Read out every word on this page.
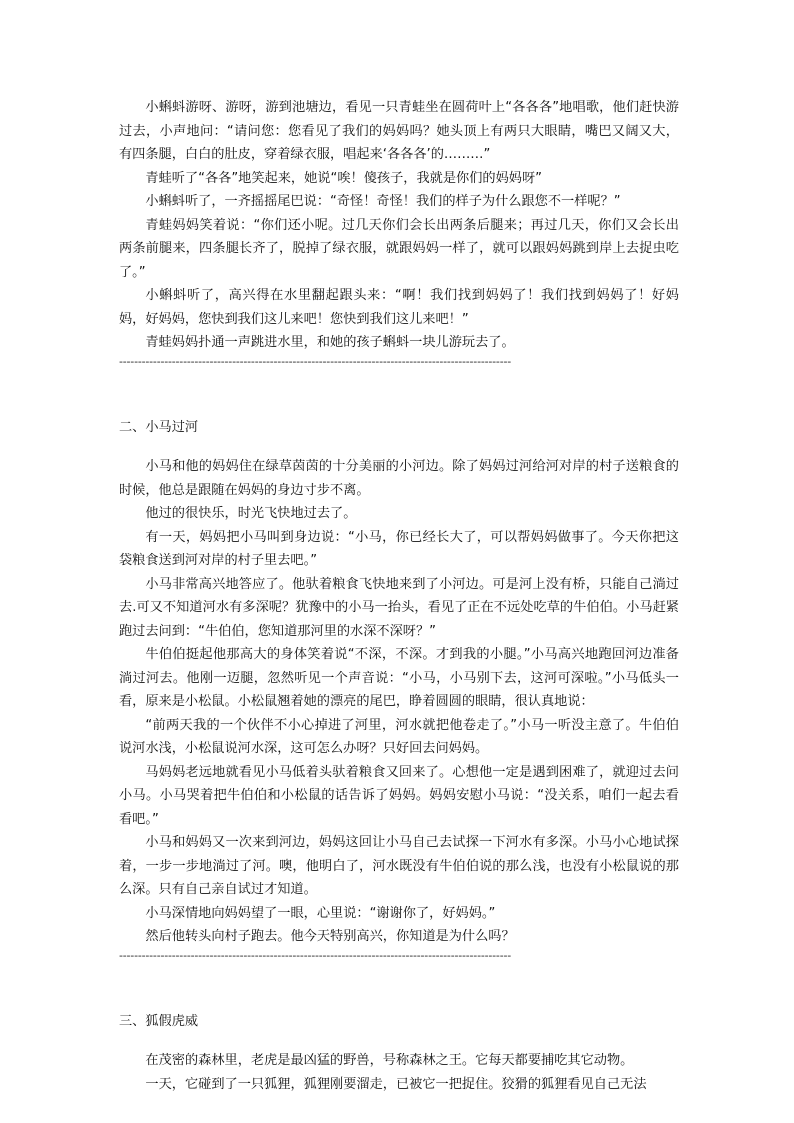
小蝌蚪游呀、游呀，游到池塘边，看见一只青蛙坐在圆荷叶上“各各各”地唱歌，他们赶快游过去，小声地问：“请问您：您看见了我们的妈妈吗？她头顶上有两只大眼睛，嘴巴又阔又大，有四条腿，白白的肚皮，穿着绿衣服，唱起来‘各各各’的………”

青蛙听了“各各”地笑起来，她说“唉！傻孩子，我就是你们的妈妈呀”

小蝌蚪听了，一齐摇摇尾巴说：“奇怪！奇怪！我们的样子为什么跟您不一样呢？”

青蛙妈妈笑着说：“你们还小呢。过几天你们会长出两条后腿来；再过几天，你们又会长出两条前腿来，四条腿长齐了，脱掉了绿衣服，就跟妈妈一样了，就可以跟妈妈跳到岸上去捉虫吃了。”

小蝌蚪听了，高兴得在水里翻起跟头来：“啊！我们找到妈妈了！我们找到妈妈了！好妈妈，好妈妈，您快到我们这儿来吧！您快到我们这儿来吧！”

青蛙妈妈扑通一声跳进水里，和她的孩子蝌蚪一块儿游玩去了。

--------------------------------------------------------------------------------------------------------
二、小马过河

小马和他的妈妈住在绿草茵茵的十分美丽的小河边。除了妈妈过河给河对岸的村子送粮食的时候，他总是跟随在妈妈的身边寸步不离。

他过的很快乐，时光飞快地过去了。

有一天，妈妈把小马叫到身边说：“小马，你已经长大了，可以帮妈妈做事了。今天你把这袋粮食送到河对岸的村子里去吧。”

小马非常高兴地答应了。他驮着粮食飞快地来到了小河边。可是河上没有桥，只能自己淌过去.可又不知道河水有多深呢？犹豫中的小马一抬头，看见了正在不远处吃草的牛伯伯。小马赶紧跑过去问到：“牛伯伯，您知道那河里的水深不深呀？”

牛伯伯挺起他那高大的身体笑着说“不深，不深。才到我的小腿。”小马高兴地跑回河边准备淌过河去。他刚一迈腿，忽然听见一个声音说：“小马，小马别下去，这河可深啦。”小马低头一看，原来是小松鼠。小松鼠翘着她的漂亮的尾巴，睁着圆圆的眼睛，很认真地说：

“前两天我的一个伙伴不小心掉进了河里，河水就把他卷走了。”小马一听没主意了。牛伯伯说河水浅，小松鼠说河水深，这可怎么办呀？只好回去问妈妈。

马妈妈老远地就看见小马低着头驮着粮食又回来了。心想他一定是遇到困难了，就迎过去问小马。小马哭着把牛伯伯和小松鼠的话告诉了妈妈。妈妈安慰小马说：“没关系，咱们一起去看看吧。”

小马和妈妈又一次来到河边，妈妈这回让小马自己去试探一下河水有多深。小马小心地试探着，一步一步地淌过了河。噢，他明白了，河水既没有牛伯伯说的那么浅，也没有小松鼠说的那么深。只有自己亲自试过才知道。

小马深情地向妈妈望了一眼，心里说：“谢谢你了，好妈妈。”

然后他转头向村子跑去。他今天特别高兴，你知道是为什么吗？

--------------------------------------------------------------------------------------------------------
三、狐假虎威

在茂密的森林里，老虎是最凶猛的野兽，号称森林之王。它每天都要捕吃其它动物。

一天，它碰到了一只狐狸，狐狸刚要溜走，已被它一把捉住。狡猾的狐狸看见自己无法
